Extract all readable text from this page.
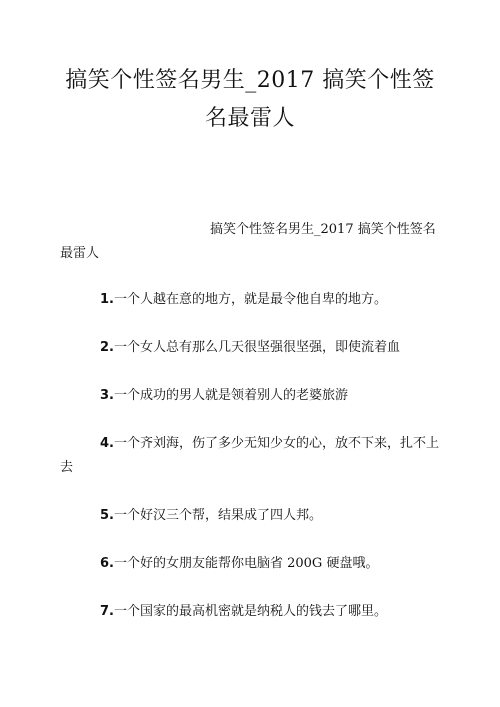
搞笑个性签名男生_2017 搞笑个性签名最雷人

搞笑个性签名男生_2017 搞笑个性签名最雷人

1.一个人越在意的地方，就是最令他自卑的地方。
2.一个女人总有那么几天很坚强很坚强，即使流着血
3.一个成功的男人就是领着别人的老婆旅游
4.一个齐刘海，伤了多少无知少女的心，放不下来，扎不上去
5.一个好汉三个帮，结果成了四人邦。
6.一个好的女朋友能帮你电脑省 200G 硬盘哦。
7.一个国家的最高机密就是纳税人的钱去了哪里。
